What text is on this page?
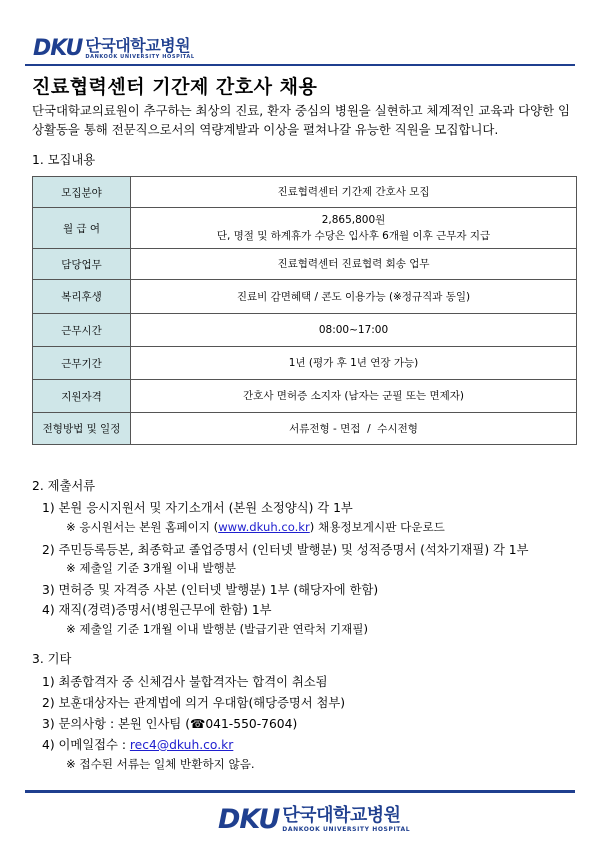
DKU 단국대학교병원
DANKOOK UNIVERSITY HOSPITAL
진료협력센터 기간제 간호사 채용
단국대학교의료원이 추구하는 최상의 진료, 환자 중심의 병원을 실현하고 체계적인 교육과 다양한 임상활동을 통해 전문직으로서의 역량계발과 이상을 펼쳐나갈 유능한 직원을 모집합니다.
1. 모집내용
모집분야	진료협력센터 기간제 간호사 모집
월 급 여	2,865,800원
단, 명절 및 하계휴가 수당은 입사후 6개월 이후 근무자 지급

담당업무	진료협력센터 진료협력 회송 업무
복리후생	진료비 감면혜택 / 콘도 이용가능 (※정규직과 동일)
근무시간	08:00~17:00
근무기간	1년 (평가 후 1년 연장 가능)
지원자격	간호사 면허증 소지자 (남자는 군필 또는 면제자)
전형방법 및 일정	서류전형 - 면접  /  수시전형
2. 제출서류
1) 본원 응시지원서 및 자기소개서 (본원 소정양식) 각 1부
※ 응시원서는 본원 홈페이지 (www.dkuh.co.kr) 채용정보게시판 다운로드
2) 주민등록등본, 최종학교 졸업증명서 (인터넷 발행분) 및 성적증명서 (석차기재필) 각 1부
※ 제출일 기준 3개월 이내 발행분
3) 면허증 및 자격증 사본 (인터넷 발행분) 1부 (해당자에 한함)
4) 재직(경력)증명서(병원근무에 한함) 1부
※ 제출일 기준 1개월 이내 발행분 (발급기관 연락처 기재필)
3. 기타
1) 최종합격자 중 신체검사 불합격자는 합격이 취소됨
2) 보훈대상자는 관계법에 의거 우대함(해당증명서 첨부)
3) 문의사항 : 본원 인사팀 (☎041-550-7604)
4) 이메일접수 : rec4@dkuh.co.kr
※ 접수된 서류는 일체 반환하지 않음.
DKU 단국대학교병원
DANKOOK UNIVERSITY HOSPITAL
